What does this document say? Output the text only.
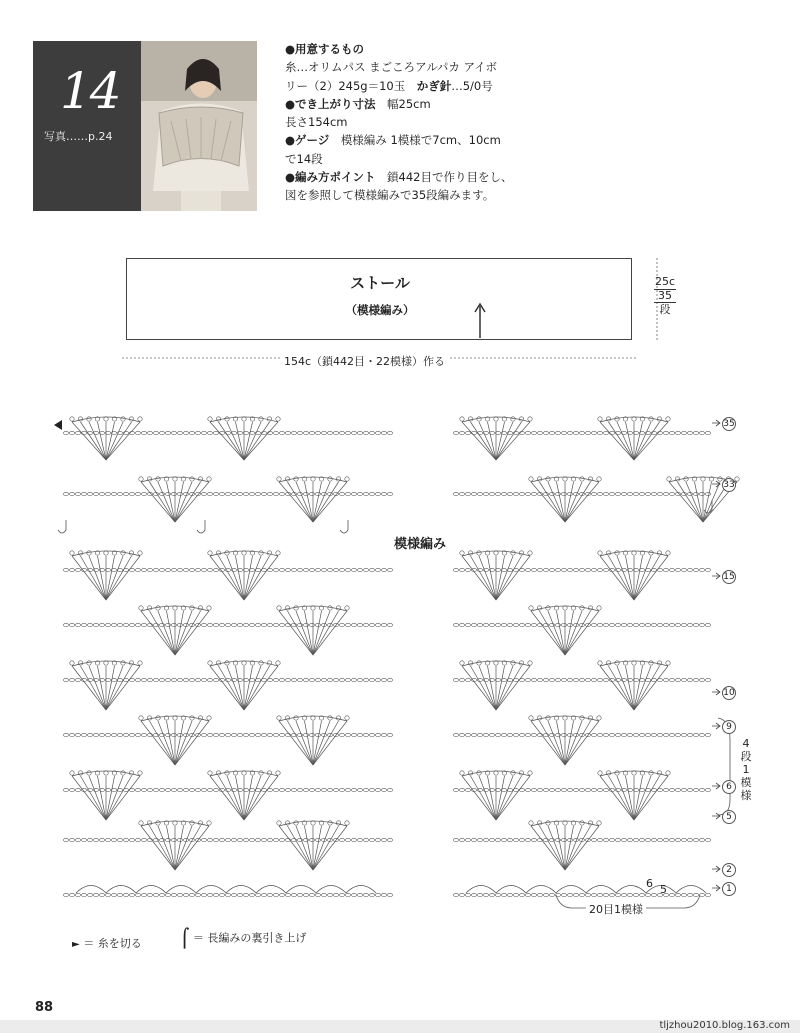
14
写真‥‥‥p.24
●用意するもの
糸…オリムパス まごころアルパカ アイボ
リー（2）245g＝10玉　 かぎ針…5/0号
●でき上がり寸法　 幅25cm
長さ154cm
●ゲージ　 模様編み 1模様で7cm、10cm
で14段
●編み方ポイント　 鎖442目で作り目をし、
図を参照して模様編みで35段編みます。
ストール
（模様編み）
25c
35
段
154c（鎖442目・22模様）作る
模様編み
35
33
15
10
9
6
5
2
1
4
段
1
模
様
6 5
20目1模様
► ＝ 糸を切る ⌠ ＝ 長編みの裏引き上げ
88
tljzhou2010.blog.163.com
